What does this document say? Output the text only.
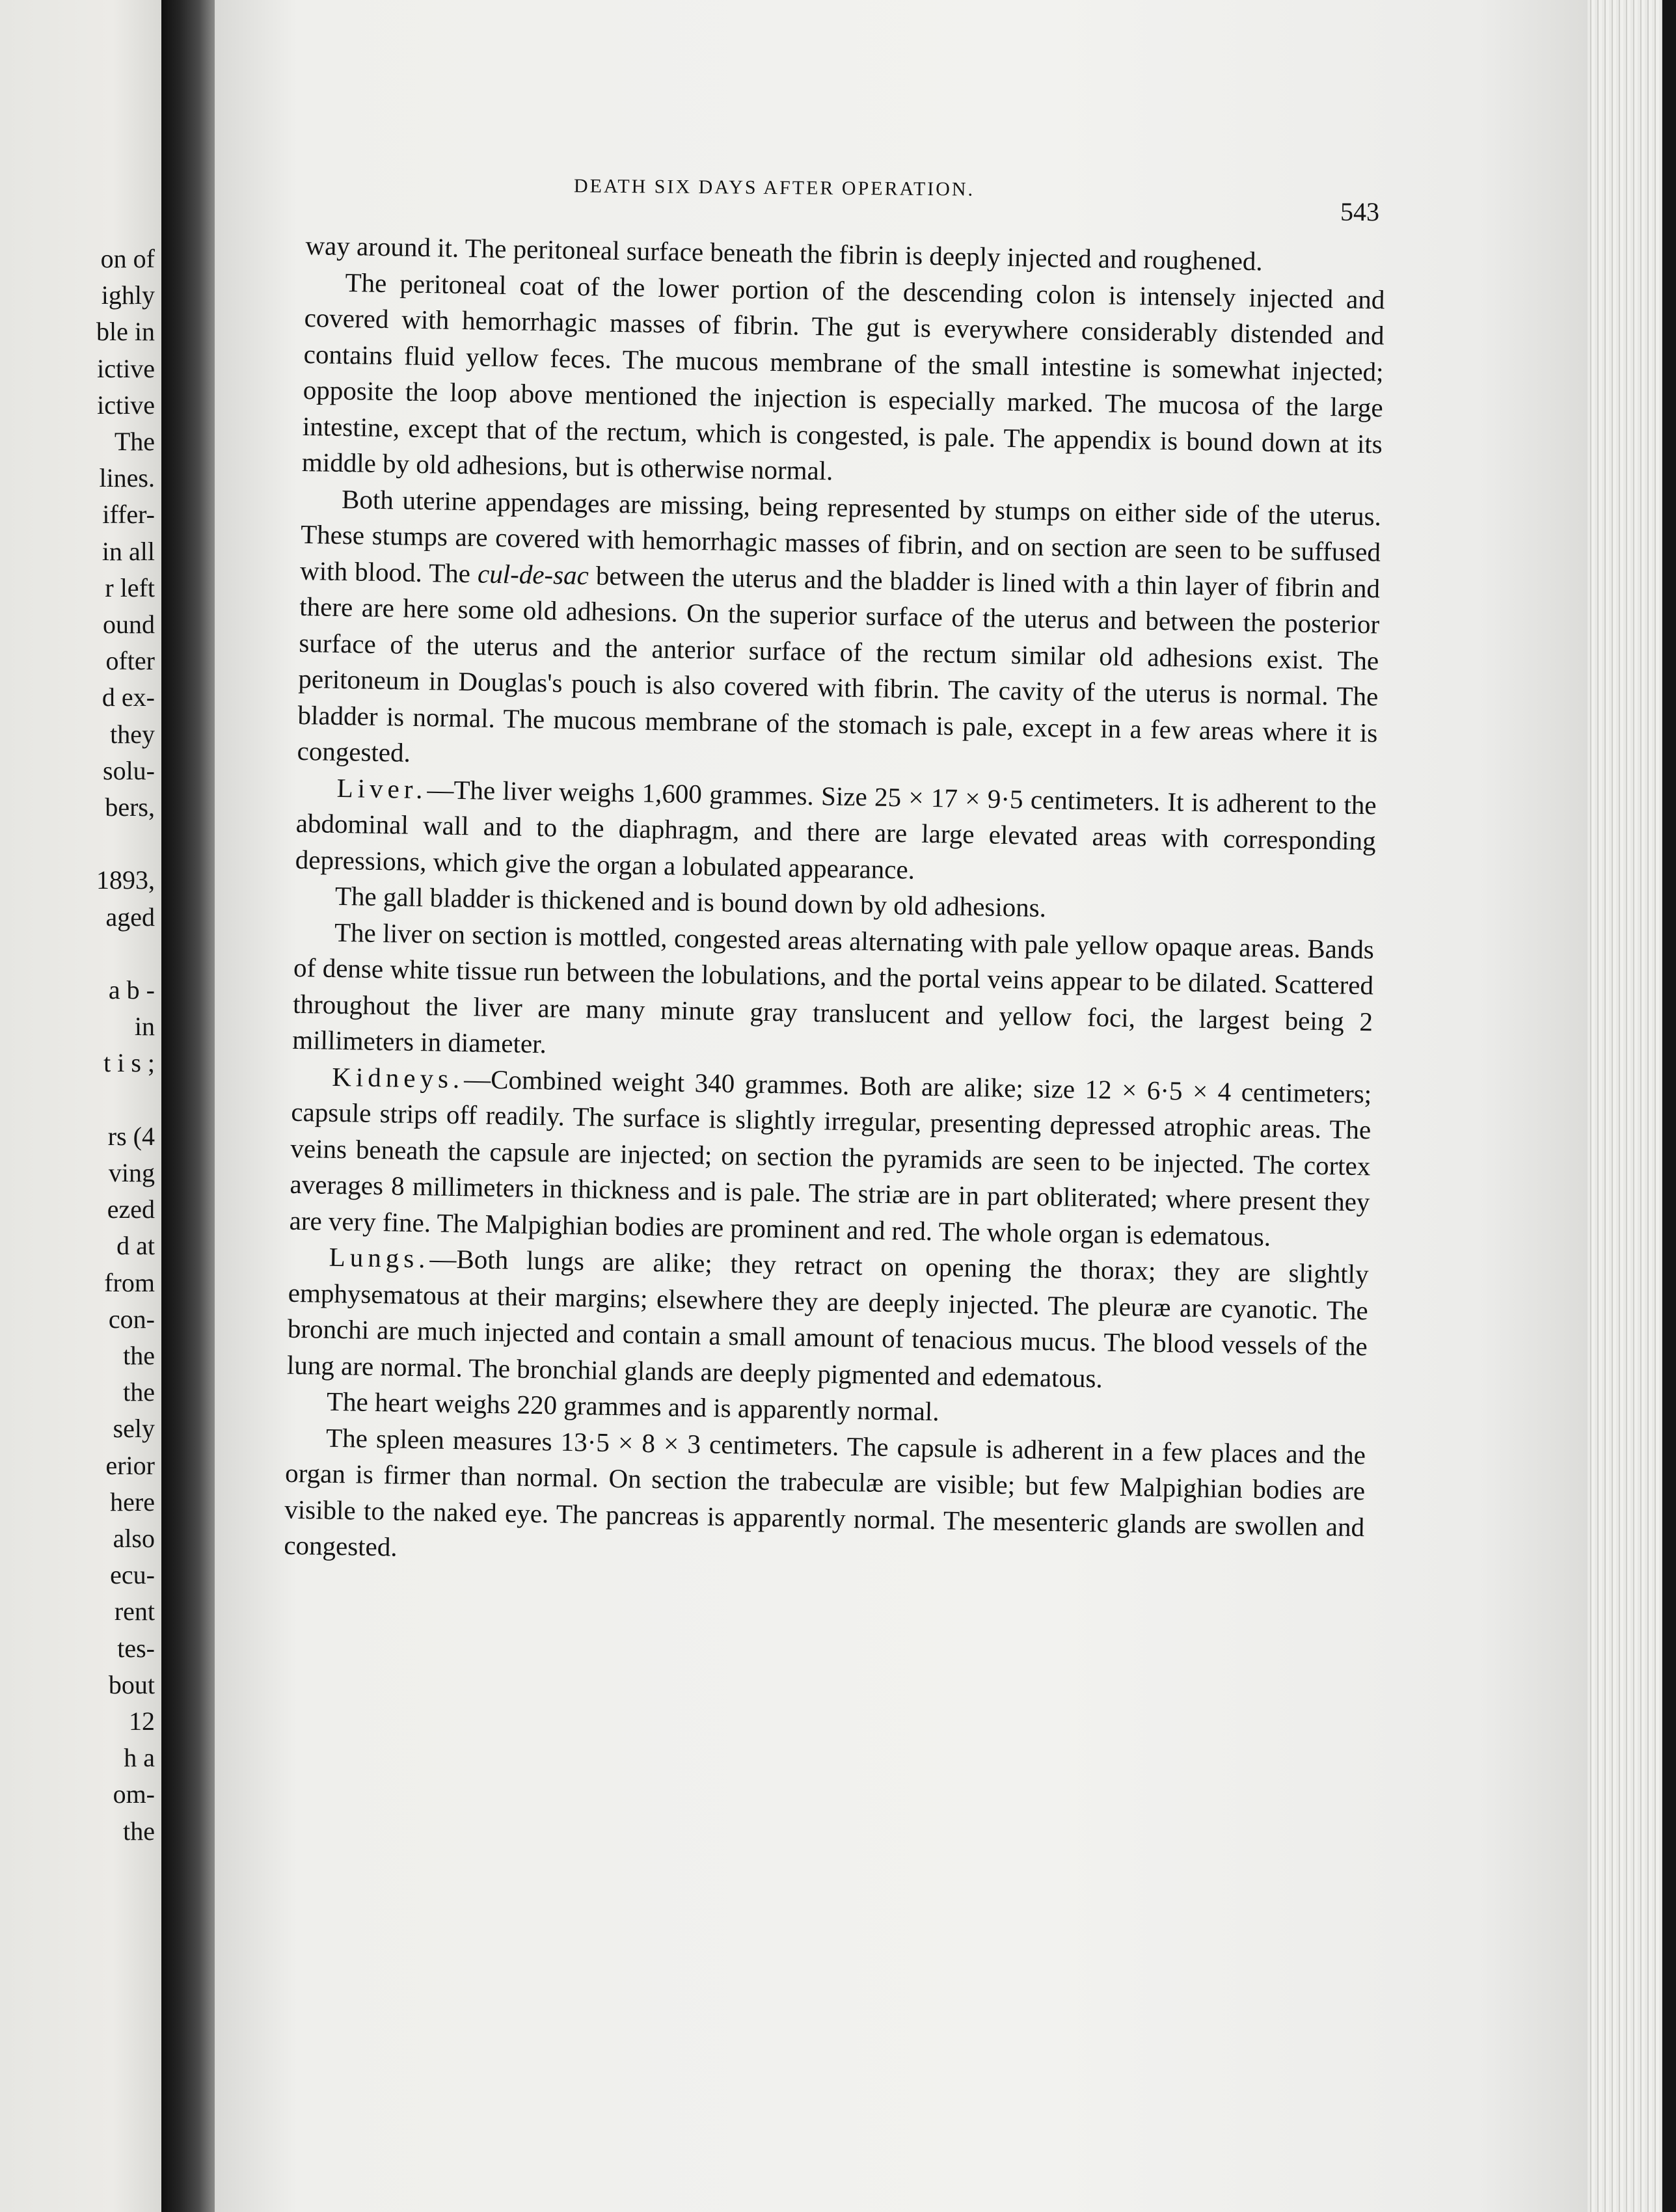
on of
ighly
ble in
ictive
ictive
The
lines.
iffer-
in all
r left
ound
ofter
d ex-
they
solu-
bers,
1893,
aged
a b -
in
t i s ;
rs (4
ving
ezed
d at
from
con-
the
the
sely
erior
here
also
ecu-
rent
tes-
bout
12
h a
om-
the
DEATH SIX DAYS AFTER OPERATION.
543

way around it. The peritoneal surface beneath the fibrin is deeply injected and roughened.

The peritoneal coat of the lower portion of the descending colon is intensely injected and covered with hemorrhagic masses of fibrin. The gut is everywhere considerably distended and contains fluid yellow feces. The mucous membrane of the small intestine is somewhat injected; opposite the loop above mentioned the injection is especially marked. The mucosa of the large intestine, except that of the rectum, which is congested, is pale. The appendix is bound down at its middle by old adhesions, but is otherwise normal.

Both uterine appendages are missing, being represented by stumps on either side of the uterus. These stumps are covered with hemorrhagic masses of fibrin, and on section are seen to be suffused with blood. The cul-de-sac between the uterus and the bladder is lined with a thin layer of fibrin and there are here some old adhesions. On the superior surface of the uterus and between the posterior surface of the uterus and the anterior surface of the rectum similar old adhesions exist. The peritoneum in Douglas's pouch is also covered with fibrin. The cavity of the uterus is normal. The bladder is normal. The mucous membrane of the stomach is pale, except in a few areas where it is congested.

Liver.—The liver weighs 1,600 grammes. Size 25 × 17 × 9·5 centimeters. It is adherent to the abdominal wall and to the diaphragm, and there are large elevated areas with corresponding depressions, which give the organ a lobulated appearance.

The gall bladder is thickened and is bound down by old adhesions.

The liver on section is mottled, congested areas alternating with pale yellow opaque areas. Bands of dense white tissue run between the lobulations, and the portal veins appear to be dilated. Scattered throughout the liver are many minute gray translucent and yellow foci, the largest being 2 millimeters in diameter.

Kidneys.—Combined weight 340 grammes. Both are alike; size 12 × 6·5 × 4 centimeters; capsule strips off readily. The surface is slightly irregular, presenting depressed atrophic areas. The veins beneath the capsule are injected; on section the pyramids are seen to be injected. The cortex averages 8 millimeters in thickness and is pale. The striæ are in part obliterated; where present they are very fine. The Malpighian bodies are prominent and red. The whole organ is edematous.

Lungs.—Both lungs are alike; they retract on opening the thorax; they are slightly emphysematous at their margins; elsewhere they are deeply injected. The pleuræ are cyanotic. The bronchi are much injected and contain a small amount of tenacious mucus. The blood vessels of the lung are normal. The bronchial glands are deeply pigmented and edematous.

The heart weighs 220 grammes and is apparently normal.

The spleen measures 13·5 × 8 × 3 centimeters. The capsule is adherent in a few places and the organ is firmer than normal. On section the trabeculæ are visible; but few Malpighian bodies are visible to the naked eye. The pancreas is apparently normal. The mesenteric glands are swollen and congested.
